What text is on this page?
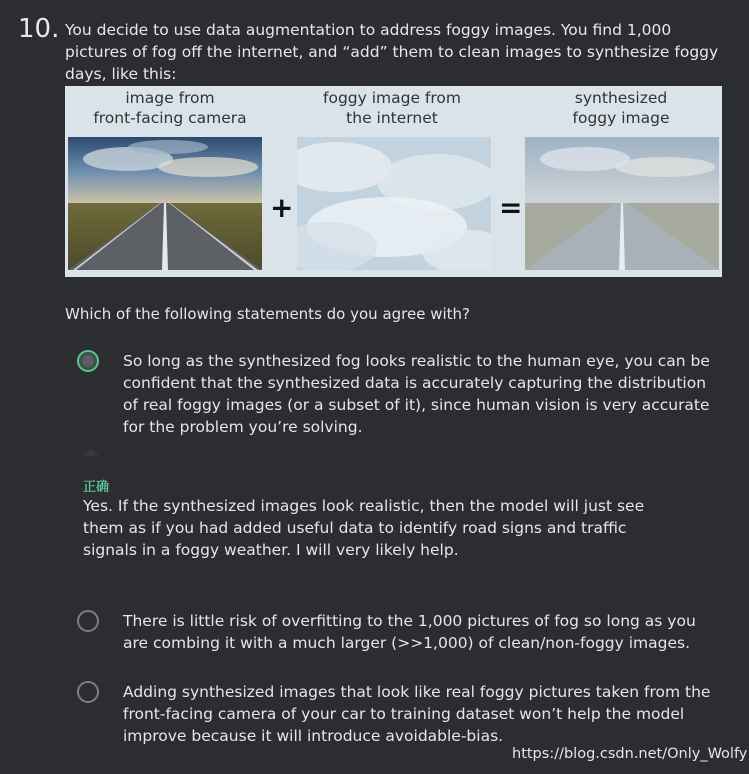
10. You decide to use data augmentation to address foggy images. You find 1,000 pictures of fog off the internet, and “add” them to clean images to synthesize foggy days, like this:
image from
front-facing camera
foggy image from
the internet
synthesized
foggy image
+	=
Which of the following statements do you agree with?
So long as the synthesized fog looks realistic to the human eye, you can be confident that the synthesized data is accurately capturing the distribution of real foggy images (or a subset of it), since human vision is very accurate for the problem you’re solving.
正确
Yes. If the synthesized images look realistic, then the model will just see them as if you had added useful data to identify road signs and traffic signals in a foggy weather. I will very likely help.
There is little risk of overfitting to the 1,000 pictures of fog so long as you are combing it with a much larger (>>1,000) of clean/non-foggy images.
Adding synthesized images that look like real foggy pictures taken from the front-facing camera of your car to training dataset won’t help the model improve because it will introduce avoidable-bias.
https://blog.csdn.net/Only_Wolfy
